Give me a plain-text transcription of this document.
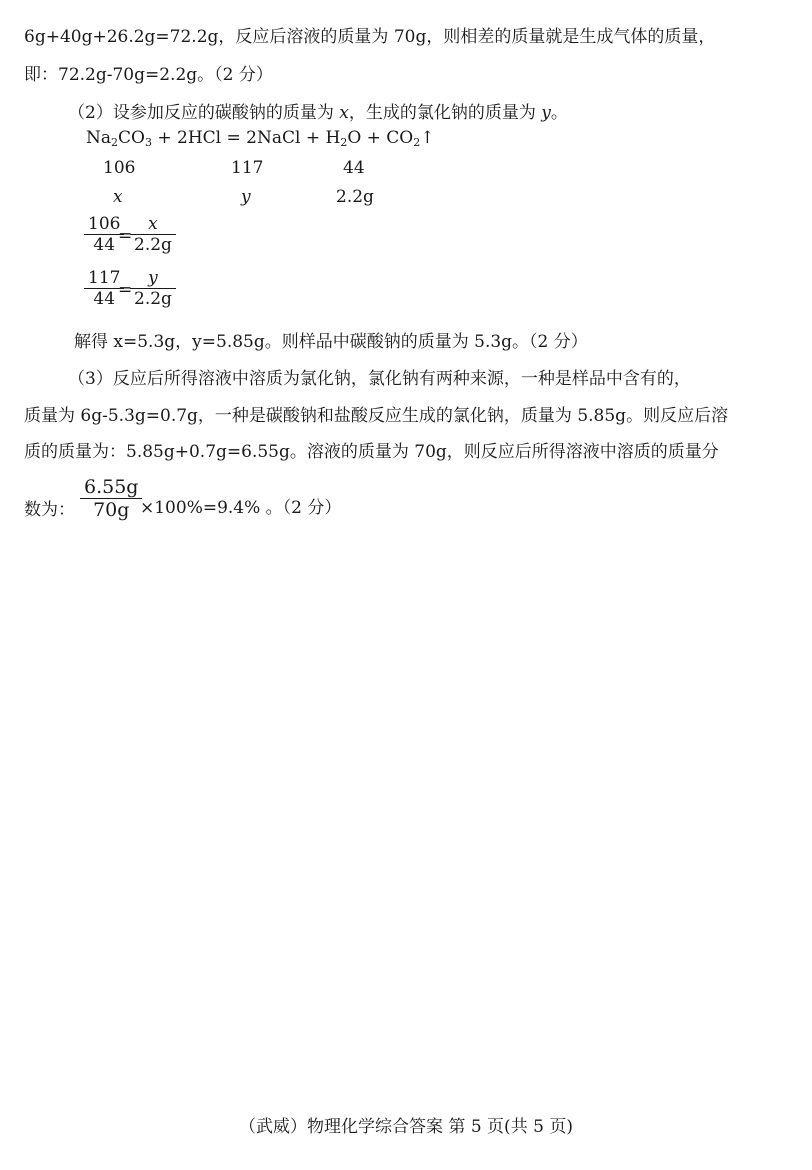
6g+40g+26.2g=72.2g，反应后溶液的质量为 70g，则相差的质量就是生成气体的质量，
即：72.2g-70g=2.2g。（2 分）
（2）设参加反应的碳酸钠的质量为 x，生成的氯化钠的质量为 y。
$Na_2CO_3 + 2HCl$ = 2NaCl + $H_2O$ + $CO_2↑$
106	117	44
x	y	2.2g
106
44 =
x
2.2g
117
44 =
y
2.2g
解得 x=5.3g，y=5.85g。则样品中碳酸钠的质量为 5.3g。（2 分）
（3）反应后所得溶液中溶质为氯化钠，氯化钠有两种来源，一种是样品中含有的，
质量为 6g-5.3g=0.7g，一种是碳酸钠和盐酸反应生成的氯化钠，质量为 5.85g。则反应后溶
质的质量为：5.85g+0.7g=6.55g。溶液的质量为 70g，则反应后所得溶液中溶质的质量分
数为：
6.55g
70g ×100%=9.4% 。（2 分）
（武威）物理化学综合答案 第 5 页(共 5 页)
